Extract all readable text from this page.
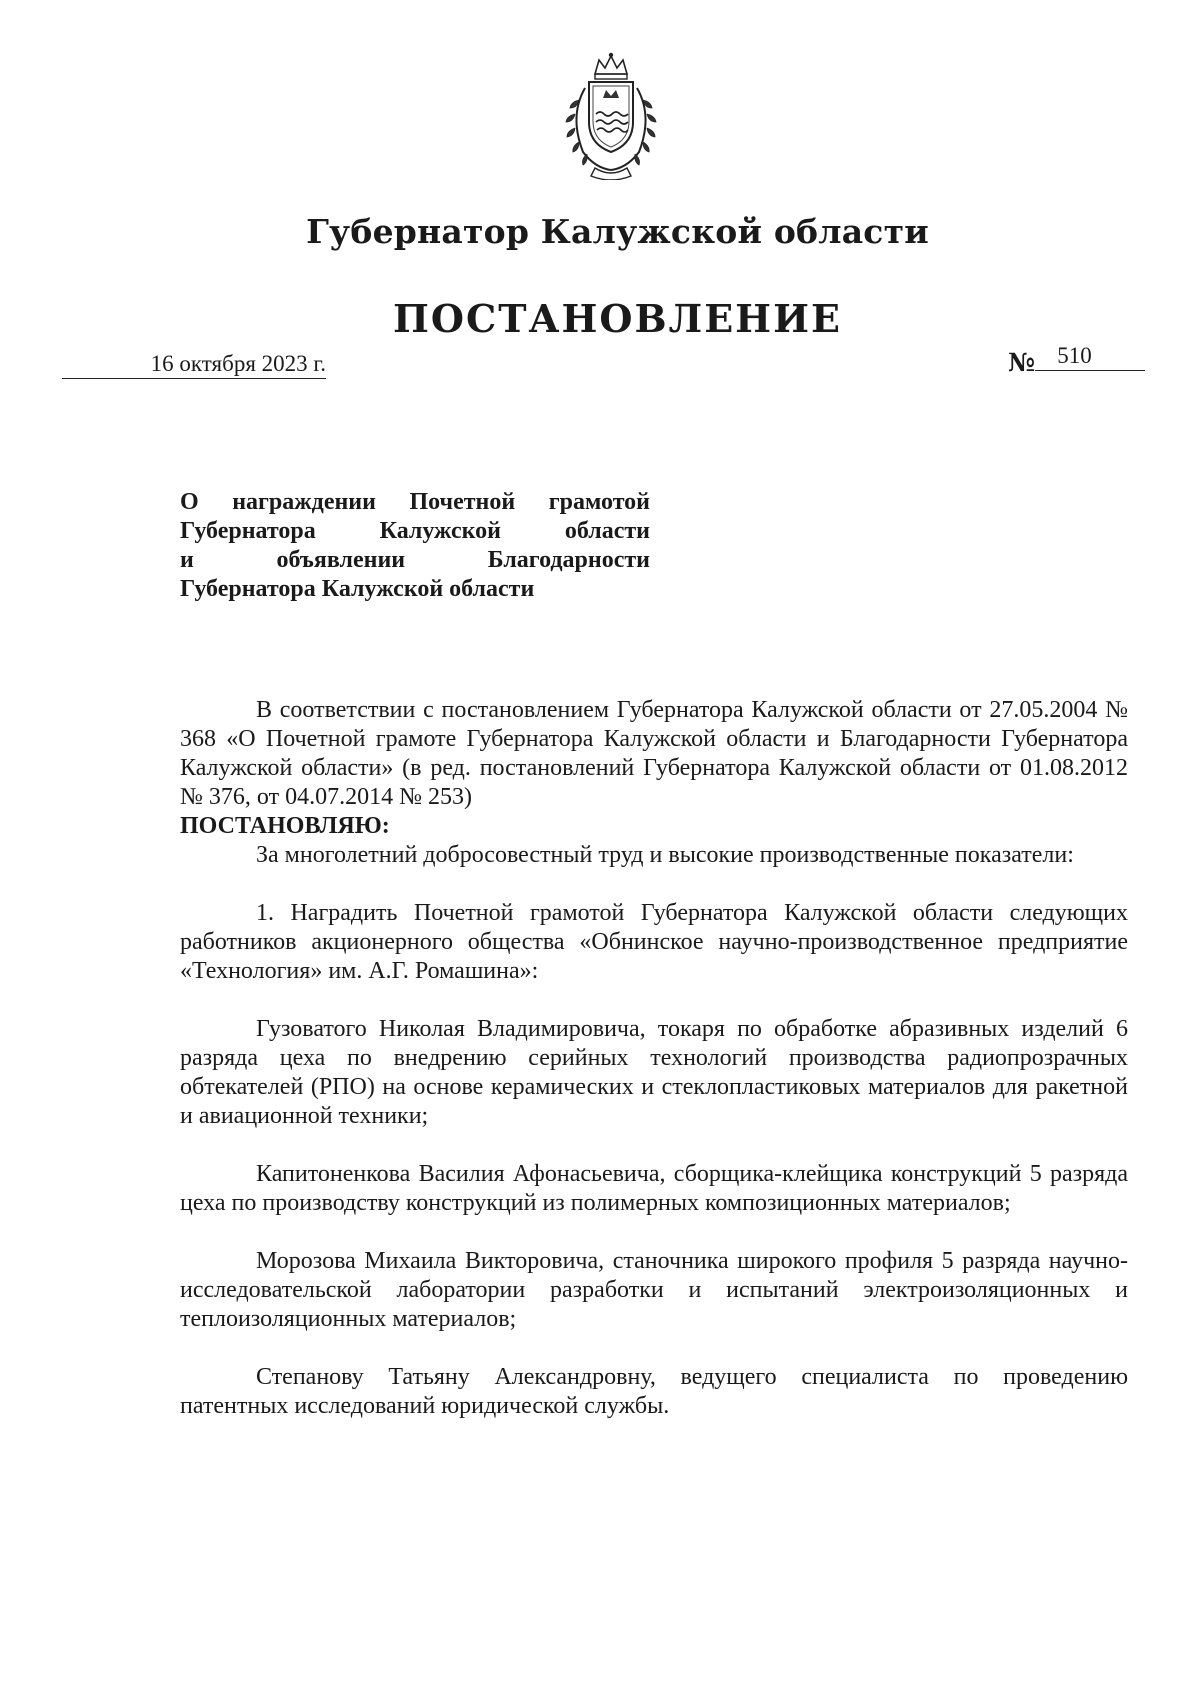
Губернатор Калужской области
ПОСТАНОВЛЕНИЕ
16 октября 2023 г.	№ 510
О награждении Почетной грамотой
Губернатора Калужской области
и объявлении Благодарности
Губернатора Калужской области

В соответствии с постановлением Губернатора Калужской области от 27.05.2004 № 368 «О Почетной грамоте Губернатора Калужской области и Благодарности Губернатора Калужской области» (в ред. постановлений Губернатора Калужской области от 01.08.2012 № 376, от 04.07.2014 № 253)

ПОСТАНОВЛЯЮ:

За многолетний добросовестный труд и высокие производственные показатели:

1. Наградить Почетной грамотой Губернатора Калужской области следующих работников акционерного общества «Обнинское научно-производственное предприятие «Технология» им. А.Г. Ромашина»:

Гузоватого Николая Владимировича, токаря по обработке абразивных изделий 6 разряда цеха по внедрению серийных технологий производства радиопрозрачных обтекателей (РПО) на основе керамических и стеклопластиковых материалов для ракетной и авиационной техники;

Капитоненкова Василия Афонасьевича, сборщика-клейщика конструкций 5 разряда цеха по производству конструкций из полимерных композиционных материалов;

Морозова Михаила Викторовича, станочника широкого профиля 5 разряда научно-исследовательской лаборатории разработки и испытаний электроизоляционных и теплоизоляционных материалов;

Степанову Татьяну Александровну, ведущего специалиста по проведению патентных исследований юридической службы.
